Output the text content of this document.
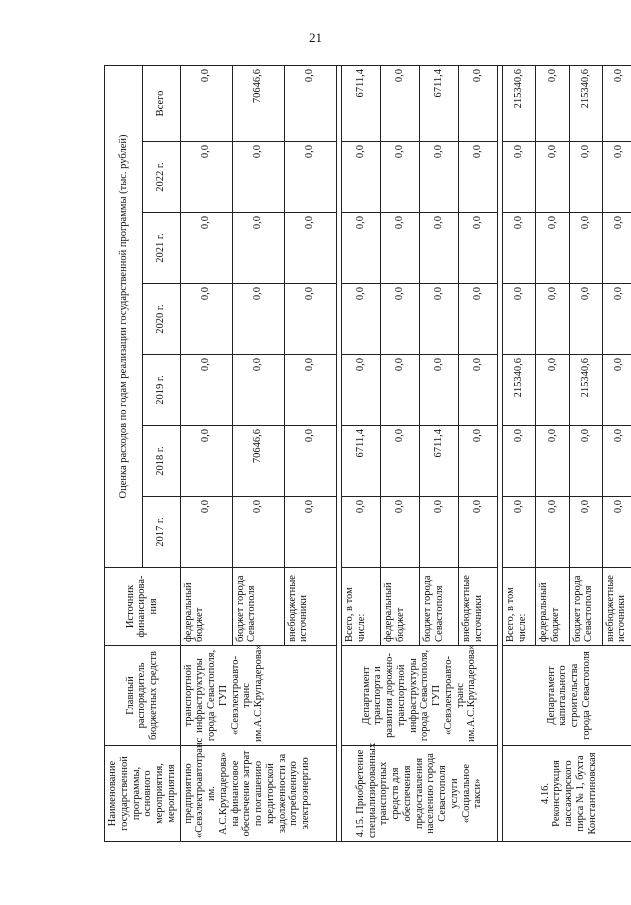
21
Наименование государственной программы, основного мероприятия, мероприятия	Главный распорядитель бюджетных средств	Источник финансирова-ния	Оценка расходов по годам реализации государственной программы (тыс. рублей)						
			2017 г.	2018 г.	2019 г.	2020 г.	2021 г.	2022 г.	Всего
предприятию «Севэлектроавтотранс им. А.С.Крупадерова» на финансовое обеспечение затрат по погашению кредиторской задолженности за потребленную электроэнергию	транспортной инфраструктуры города Севастополя, ГУП «Севэлектроавто-транс им.А.С.Крупадерова»	федеральный бюджет	0,0	0,0	0,0	0,0	0,0	0,0	0,0
		бюджет города Севастополя	0,0	70646,6	0,0	0,0	0,0	0,0	70646,6
		внебюджетные источники	0,0	0,0	0,0	0,0	0,0	0,0	0,0

4.15. Приобретение специализированных транспортных средств для обеспечения предоставления населению города Севастополя услуги «Социальное такси»	Департамент транспорта и развития дорожно-транспортной инфраструктуры города Севастополя, ГУП «Севэлектроавто-транс им.А.С.Крупадерова»	Всего, в том числе:	0,0	6711,4	0,0	0,0	0,0	0,0	6711,4
		федеральный бюджет	0,0	0,0	0,0	0,0	0,0	0,0	0,0
		бюджет города Севастополя	0,0	6711,4	0,0	0,0	0,0	0,0	6711,4
		внебюджетные источники	0,0	0,0	0,0	0,0	0,0	0,0	0,0

4.16. Реконструкция пассажирского пирса № 1, бухта Константиновская	Департамент капитального строительства города Севастополя	Всего, в том числе:	0,0	0,0	215340,6	0,0	0,0	0,0	215340,6
		федеральный бюджет	0,0	0,0	0,0	0,0	0,0	0,0	0,0
		бюджет города Севастополя	0,0	0,0	215340,6	0,0	0,0	0,0	215340,6
		внебюджетные источники	0,0	0,0	0,0	0,0	0,0	0,0	0,0
